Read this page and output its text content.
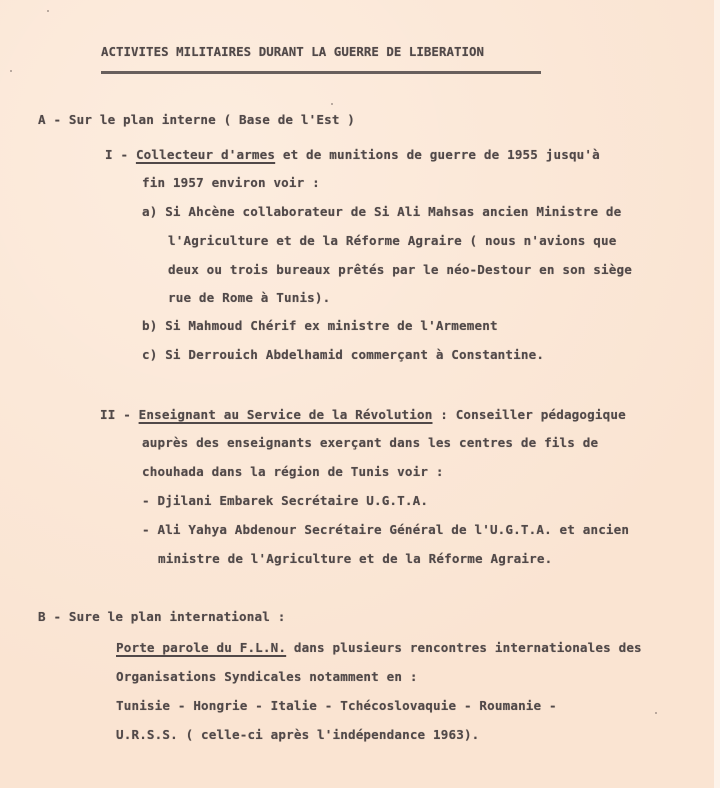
ACTIVITES MILITAIRES DURANT LA GUERRE DE LIBERATION
A - Sur le plan interne ( Base de l'Est )
I - Collecteur d'armes et de munitions de guerre de 1955 jusqu'à
fin 1957 environ voir :
a) Si Ahcène collaborateur de Si Ali Mahsas ancien Ministre de
l'Agriculture et de la Réforme Agraire ( nous n'avions que
deux ou trois bureaux prêtés par le néo-Destour en son siège
rue de Rome à Tunis).
b) Si Mahmoud Chérif ex ministre de l'Armement
c) Si Derrouich Abdelhamid commerçant à Constantine.
II - Enseignant au Service de la Révolution : Conseiller pédagogique
auprès des enseignants exerçant dans les centres de fils de
chouhada dans la région de Tunis voir :
- Djilani Embarek Secrétaire U.G.T.A.
- Ali Yahya Abdenour Secrétaire Général de l'U.G.T.A. et ancien
ministre de l'Agriculture et de la Réforme Agraire.
B - Sure le plan international :
Porte parole du F.L.N. dans plusieurs rencontres internationales des
Organisations Syndicales notamment en :
Tunisie - Hongrie - Italie - Tchécoslovaquie - Roumanie -
U.R.S.S. ( celle-ci après l'indépendance 1963).
